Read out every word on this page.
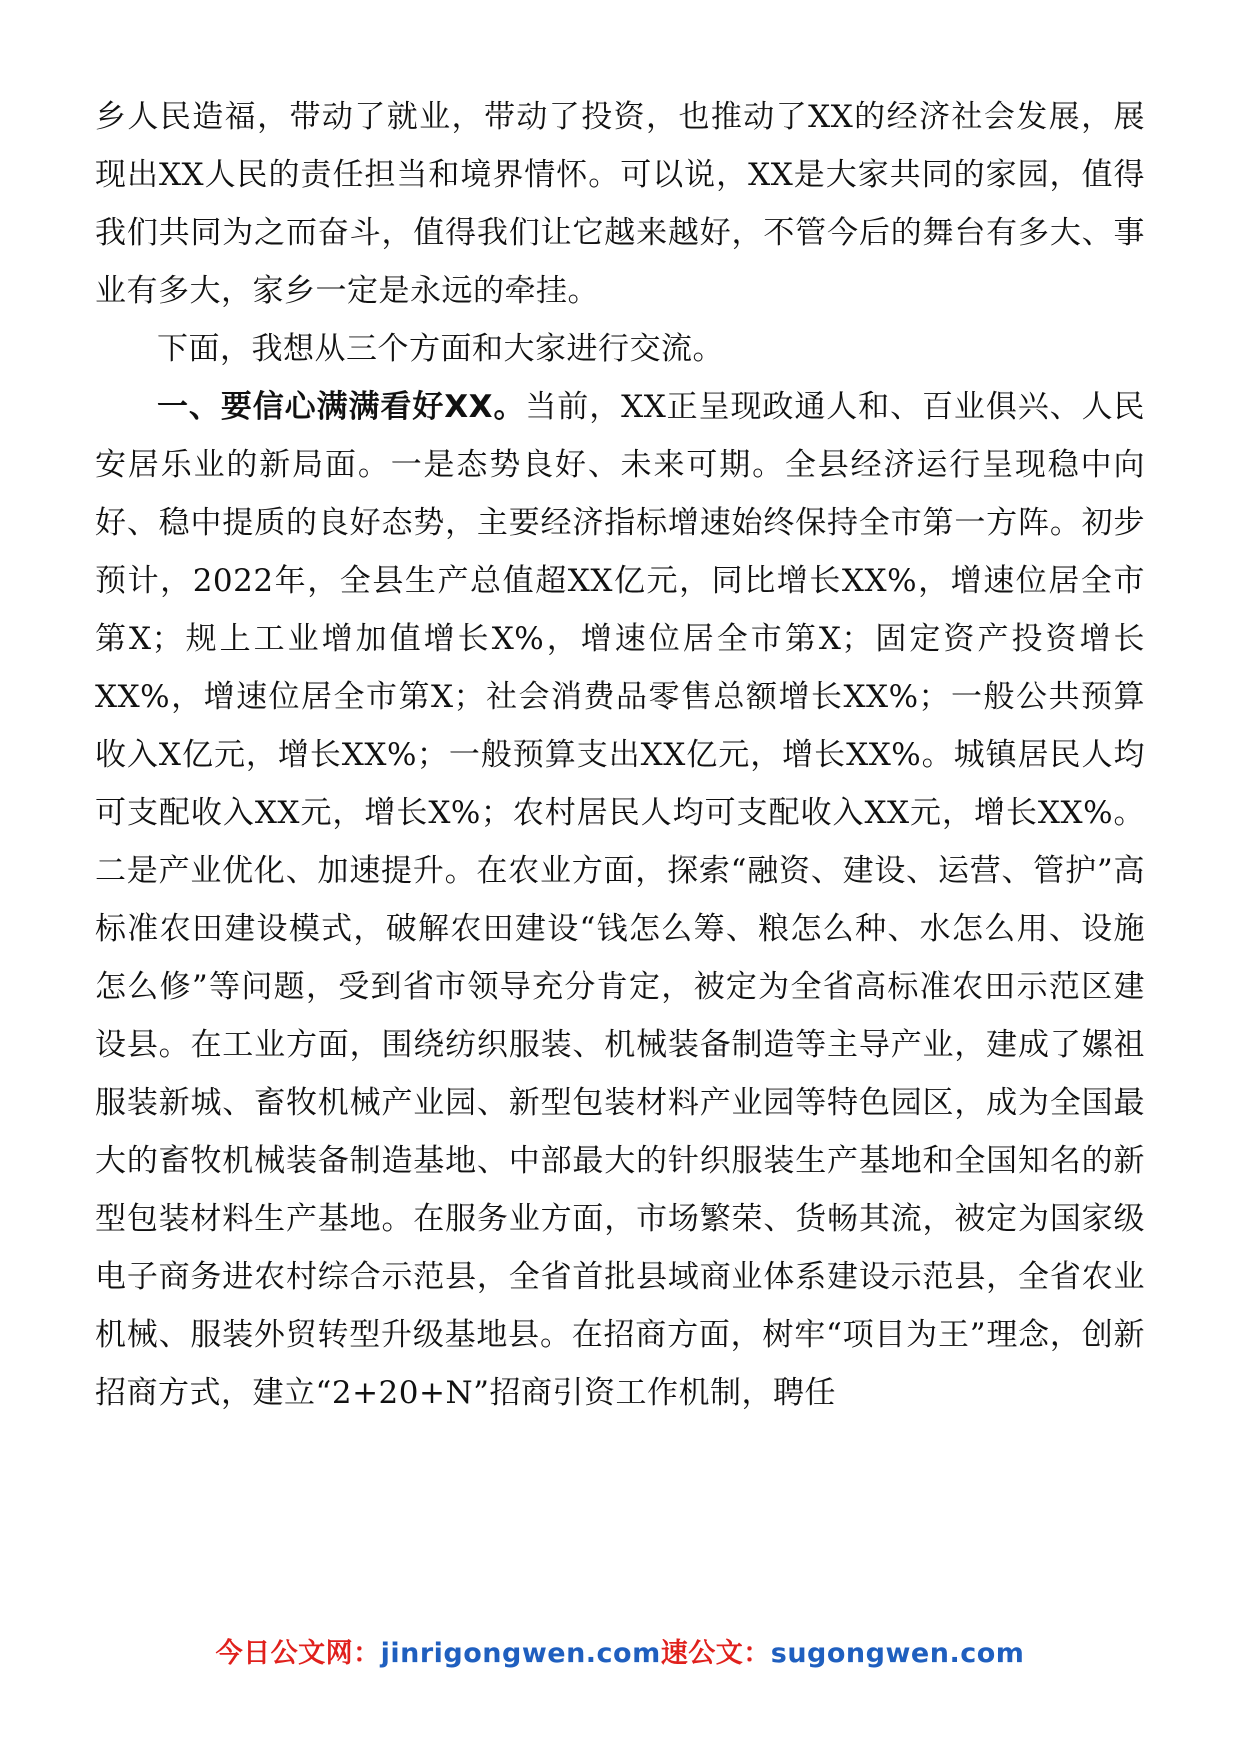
乡人民造福，带动了就业，带动了投资，也推动了XX的经济社会发展，展现出XX人民的责任担当和境界情怀。可以说，XX是大家共同的家园，值得我们共同为之而奋斗，值得我们让它越来越好，不管今后的舞台有多大、事业有多大，家乡一定是永远的牵挂。

下面，我想从三个方面和大家进行交流。

一、要信心满满看好XX。当前，XX正呈现政通人和、百业俱兴、人民安居乐业的新局面。一是态势良好、未来可期。全县经济运行呈现稳中向好、稳中提质的良好态势，主要经济指标增速始终保持全市第一方阵。初步预计，2022年，全县生产总值超XX亿元，同比增长XX%，增速位居全市第X；规上工业增加值增长X%，增速位居全市第X；固定资产投资增长XX%，增速位居全市第X；社会消费品零售总额增长XX%；一般公共预算收入X亿元，增长XX%；一般预算支出XX亿元，增长XX%。城镇居民人均可支配收入XX元，增长X%；农村居民人均可支配收入XX元，增长XX%。二是产业优化、加速提升。在农业方面，探索“融资、建设、运营、管护”高标准农田建设模式，破解农田建设“钱怎么筹、粮怎么种、水怎么用、设施怎么修”等问题，受到省市领导充分肯定，被定为全省高标准农田示范区建设县。在工业方面，围绕纺织服装、机械装备制造等主导产业，建成了嫘祖服装新城、畜牧机械产业园、新型包装材料产业园等特色园区，成为全国最大的畜牧机械装备制造基地、中部最大的针织服装生产基地和全国知名的新型包装材料生产基地。在服务业方面，市场繁荣、货畅其流，被定为国家级电子商务进农村综合示范县，全省首批县域商业体系建设示范县，全省农业机械、服装外贸转型升级基地县。在招商方面，树牢“项目为王”理念，创新招商方式，建立“2+20+N”招商引资工作机制，聘任

今日公文网：jinrigongwen.com速公文：sugongwen.com
